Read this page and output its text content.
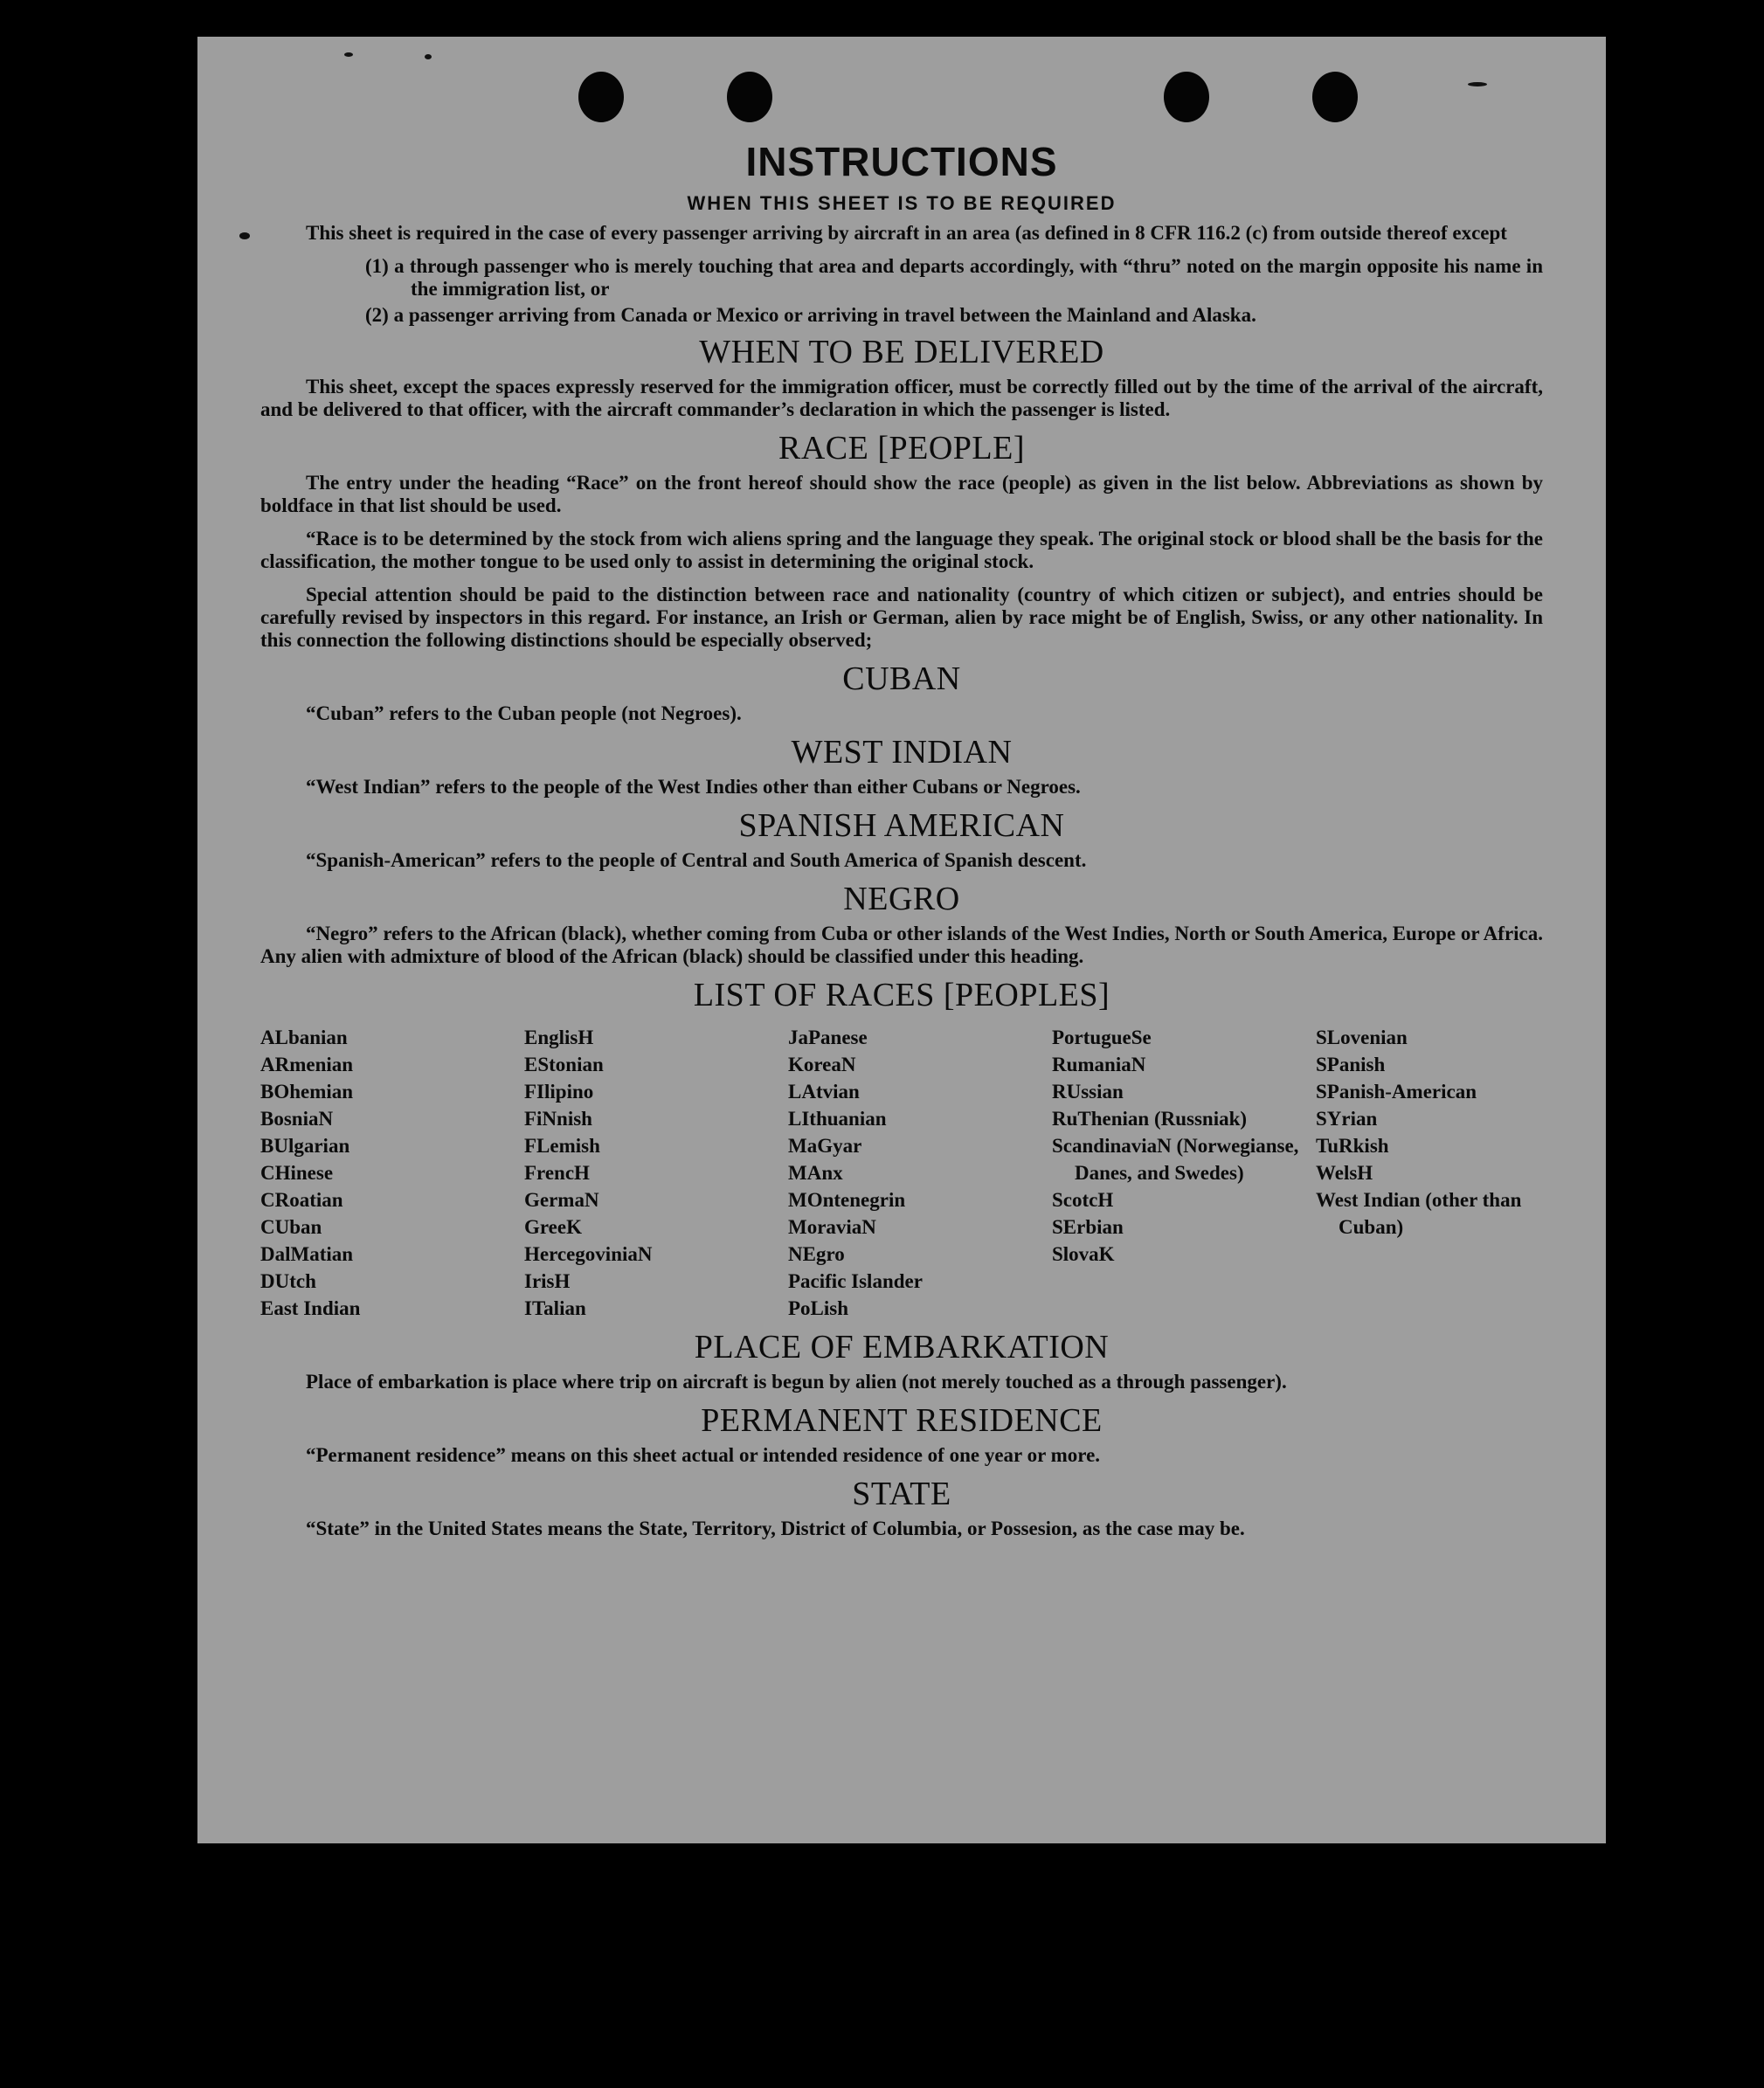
INSTRUCTIONS
WHEN THIS SHEET IS TO BE REQUIRED

This sheet is required in the case of every passenger arriving by aircraft in an area (as defined in 8 CFR 116.2 (c) from outside thereof except

(1) a through passenger who is merely touching that area and departs accordingly, with “thru” noted on the margin opposite his name in the immigration list, or
(2) a passenger arriving from Canada or Mexico or arriving in travel between the Mainland and Alaska.
WHEN TO BE DELIVERED

This sheet, except the spaces expressly reserved for the immigration officer, must be correctly filled out by the time of the arrival of the aircraft, and be delivered to that officer, with the aircraft commander’s declaration in which the passenger is listed.

RACE [PEOPLE]

The entry under the heading “Race” on the front hereof should show the race (people) as given in the list below. Abbreviations as shown by boldface in that list should be used.

“Race is to be determined by the stock from wich aliens spring and the language they speak. The original stock or blood shall be the basis for the classification, the mother tongue to be used only to assist in determining the original stock.

Special attention should be paid to the distinction between race and nationality (country of which citizen or subject), and entries should be carefully revised by inspectors in this regard. For instance, an Irish or German, alien by race might be of English, Swiss, or any other nationality. In this connection the following distinctions should be especially observed;

CUBAN

“Cuban” refers to the Cuban people (not Negroes).

WEST INDIAN

“West Indian” refers to the people of the West Indies other than either Cubans or Negroes.

SPANISH AMERICAN

“Spanish-American” refers to the people of Central and South America of Spanish descent.

NEGRO

“Negro” refers to the African (black), whether coming from Cuba or other islands of the West Indies, North or South America, Europe or Africa. Any alien with admixture of blood of the African (black) should be classified under this heading.

LIST OF RACES [PEOPLES]
ALbanian
ARmenian
BOhemian
BosniaN
BUlgarian
CHinese
CRoatian
CUban
DalMatian
DUtch
East Indian
EnglisH
EStonian
FIlipino
FiNnish
FLemish
FrencH
GermaN
GreeK
HercegoviniaN
IrisH
ITalian
JaPanese
KoreaN
LAtvian
LIthuanian
MaGyar
MAnx
MOntenegrin
MoraviaN
NEgro
Pacific Islander
PoLish
PortugueSe
RumaniaN
RUssian
RuThenian (Russniak)
ScandinaviaN (Norwegianse, Danes, and Swedes)
ScotcH
SErbian
SlovaK
SLovenian
SPanish
SPanish-American
SYrian
TuRkish
WelsH
West Indian (other than Cuban)
PLACE OF EMBARKATION

Place of embarkation is place where trip on aircraft is begun by alien (not merely touched as a through passenger).

PERMANENT RESIDENCE

“Permanent residence” means on this sheet actual or intended residence of one year or more.

STATE

“State” in the United States means the State, Territory, District of Columbia, or Possesion, as the case may be.
